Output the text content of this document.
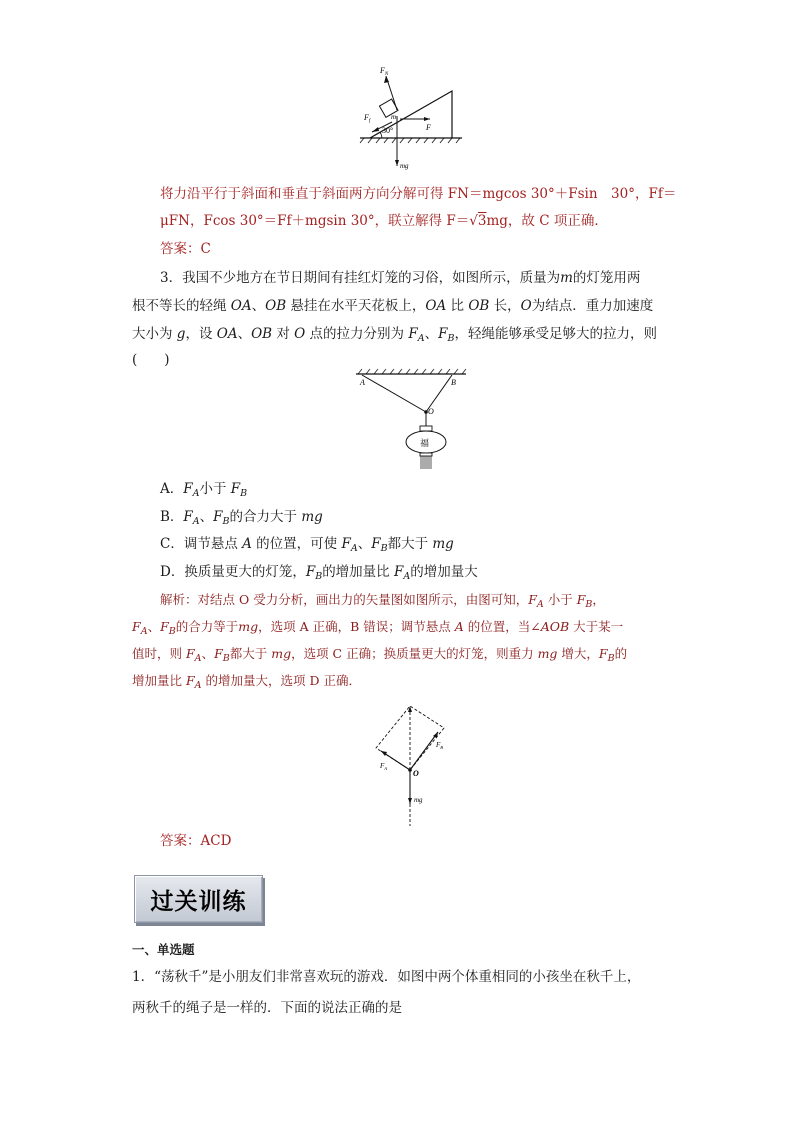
$F_N$
$F_f$
m
F
30°
mg
将力沿平行于斜面和垂直于斜面两方向分解可得 FN＝mgcos 30°＋Fsin　30°，Ff＝
μFN，Fcos 30°＝Ff＋mgsin 30°，联立解得 F＝√3mg，故 C 项正确．
答案：C
3．我国不少地方在节日期间有挂红灯笼的习俗，如图所示，质量为m的灯笼用两
根不等长的轻绳 OA、OB 悬挂在水平天花板上，OA 比 OB 长，O为结点．重力加速度
大小为 g，设 OA、OB 对 O 点的拉力分别为 $F_A$、$F_B$，轻绳能够承受足够大的拉力，则
(　　)
A	B
O
福
A．$F_A$小于 $F_B$
B．$F_A$、$F_B$的合力大于 mg
C．调节悬点 A 的位置，可使 $F_A$、$F_B$都大于 mg
D．换质量更大的灯笼，$F_B$的增加量比 $F_A$的增加量大
解析：对结点 O 受力分析，画出力的矢量图如图所示，由图可知，$F_A$ 小于 $F_B$，
$F_A$、$F_B$的合力等于mg，选项 A 正确，B 错误；调节悬点 A 的位置，当∠AOB 大于某一
值时，则 $F_A$、$F_B$都大于 mg，选项 C 正确；换质量更大的灯笼，则重力 mg 增大，$F_B$的
增加量比 $F_A$ 的增加量大，选项 D 正确．
$F_A$
$F_B$
O
mg
答案：ACD
过关训练
一、单选题
1．“荡秋千”是小朋友们非常喜欢玩的游戏．如图中两个体重相同的小孩坐在秋千上，
两秋千的绳子是一样的．下面的说法正确的是
